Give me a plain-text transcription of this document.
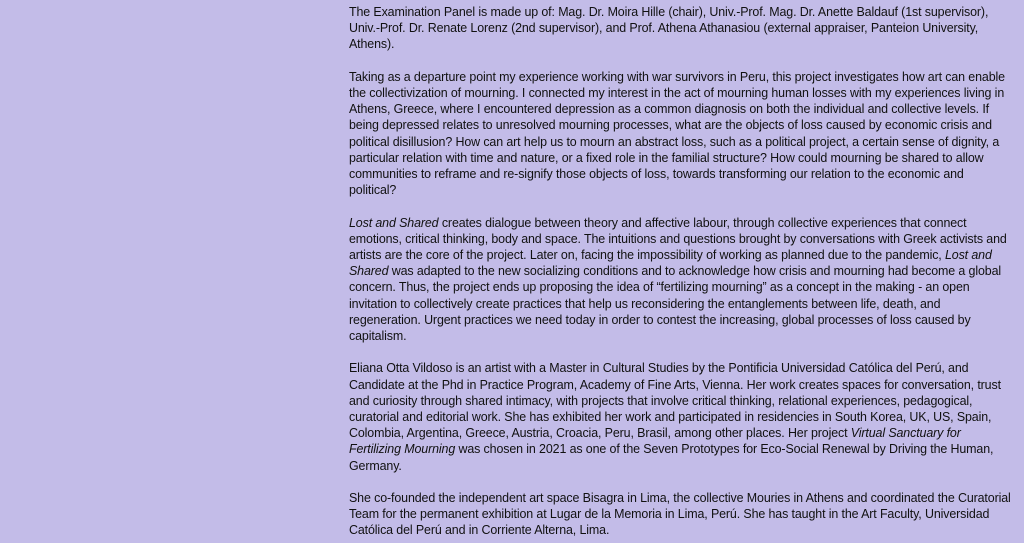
The Examination Panel is made up of: Mag. Dr. Moira Hille (chair), Univ.-Prof. Mag. Dr. Anette Baldauf (1st supervisor), Univ.-Prof. Dr. Renate Lorenz (2nd supervisor), and Prof. Athena Athanasiou (external appraiser, Panteion University, Athens).

Taking as a departure point my experience working with war survivors in Peru, this project investigates how art can enable the collectivization of mourning. I connected my interest in the act of mourning human losses with my experiences living in Athens, Greece, where I encountered depression as a common diagnosis on both the individual and collective levels. If being depressed relates to unresolved mourning processes, what are the objects of loss caused by economic crisis and political disillusion? How can art help us to mourn an abstract loss, such as a political project, a certain sense of dignity, a particular relation with time and nature, or a fixed role in the familial structure? How could mourning be shared to allow communities to reframe and re-signify those objects of loss, towards transforming our relation to the economic and political?

Lost and Shared creates dialogue between theory and affective labour, through collective experiences that connect emotions, critical thinking, body and space. The intuitions and questions brought by conversations with Greek activists and artists are the core of the project. Later on, facing the impossibility of working as planned due to the pandemic, Lost and Shared was adapted to the new socializing conditions and to acknowledge how crisis and mourning had become a global concern. Thus, the project ends up proposing the idea of “fertilizing mourning” as a concept in the making - an open invitation to collectively create practices that help us reconsidering the entanglements between life, death, and regeneration. Urgent practices we need today in order to contest the increasing, global processes of loss caused by capitalism.

Eliana Otta Vildoso is an artist with a Master in Cultural Studies by the Pontificia Universidad Católica del Perú, and Candidate at the Phd in Practice Program, Academy of Fine Arts, Vienna. Her work creates spaces for conversation, trust and curiosity through shared intimacy, with projects that involve critical thinking, relational experiences, pedagogical, curatorial and editorial work. She has exhibited her work and participated in residencies in South Korea, UK, US, Spain, Colombia, Argentina, Greece, Austria, Croacia, Peru, Brasil, among other places. Her project Virtual Sanctuary for Fertilizing Mourning was chosen in 2021 as one of the Seven Prototypes for Eco-Social Renewal by Driving the Human, Germany.

She co-founded the independent art space Bisagra in Lima, the collective Mouries in Athens and coordinated the Curatorial Team for the permanent exhibition at Lugar de la Memoria in Lima, Perú. She has taught in the Art Faculty, Universidad Católica del Perú and in Corriente Alterna, Lima.
